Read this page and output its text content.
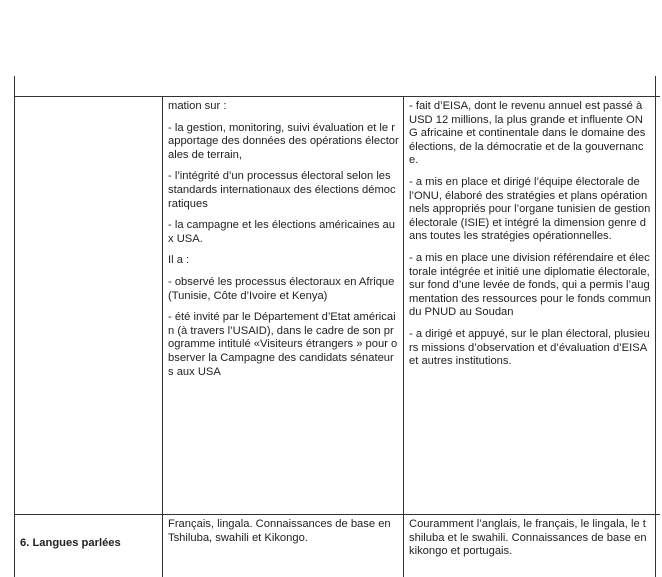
mation sur :

- la gestion, monitoring, suivi évaluation et le rapportage des données des opérations électorales de terrain,

- l’intégrité d’un processus électoral selon les standards internationaux des élections démocratiques

- la campagne et les élections américaines aux USA.

Il a :

- observé les processus électoraux en Afrique (Tunisie, Côte d’Ivoire et Kenya)

- été invité par le Département d’Etat américain (à travers l’USAID), dans le cadre de son programme intitulé «Visiteurs étrangers » pour observer la Campagne des candidats sénateurs aux USA

- fait d’EISA, dont le revenu annuel est passé à USD 12 millions, la plus grande et influente ONG africaine et continentale dans le domaine des élections, de la démocratie et de la gouvernance.

- a mis en place et dirigé l’équipe électorale de l’ONU, élaboré des stratégies et plans opérationnels appropriés pour l’organe tunisien de gestion électorale (ISIE) et intégré la dimension genre dans toutes les stratégies opérationnelles.

- a mis en place une division référendaire et électorale intégrée et initié une diplomatie électorale, sur fond d’une levée de fonds, qui a permis l’augmentation des ressources pour le fonds commun du PNUD au Soudan

- a dirigé et appuyé, sur le plan électoral, plusieurs missions d’observation et d’évaluation d’EISA et autres institutions.

6. Langues parlées
Français, lingala. Connaissances de base en Tshiluba, swahili et Kikongo.
Couramment l’anglais, le français, le lingala, le tshiluba et le swahili. Connaissances de base en kikongo et portugais.
